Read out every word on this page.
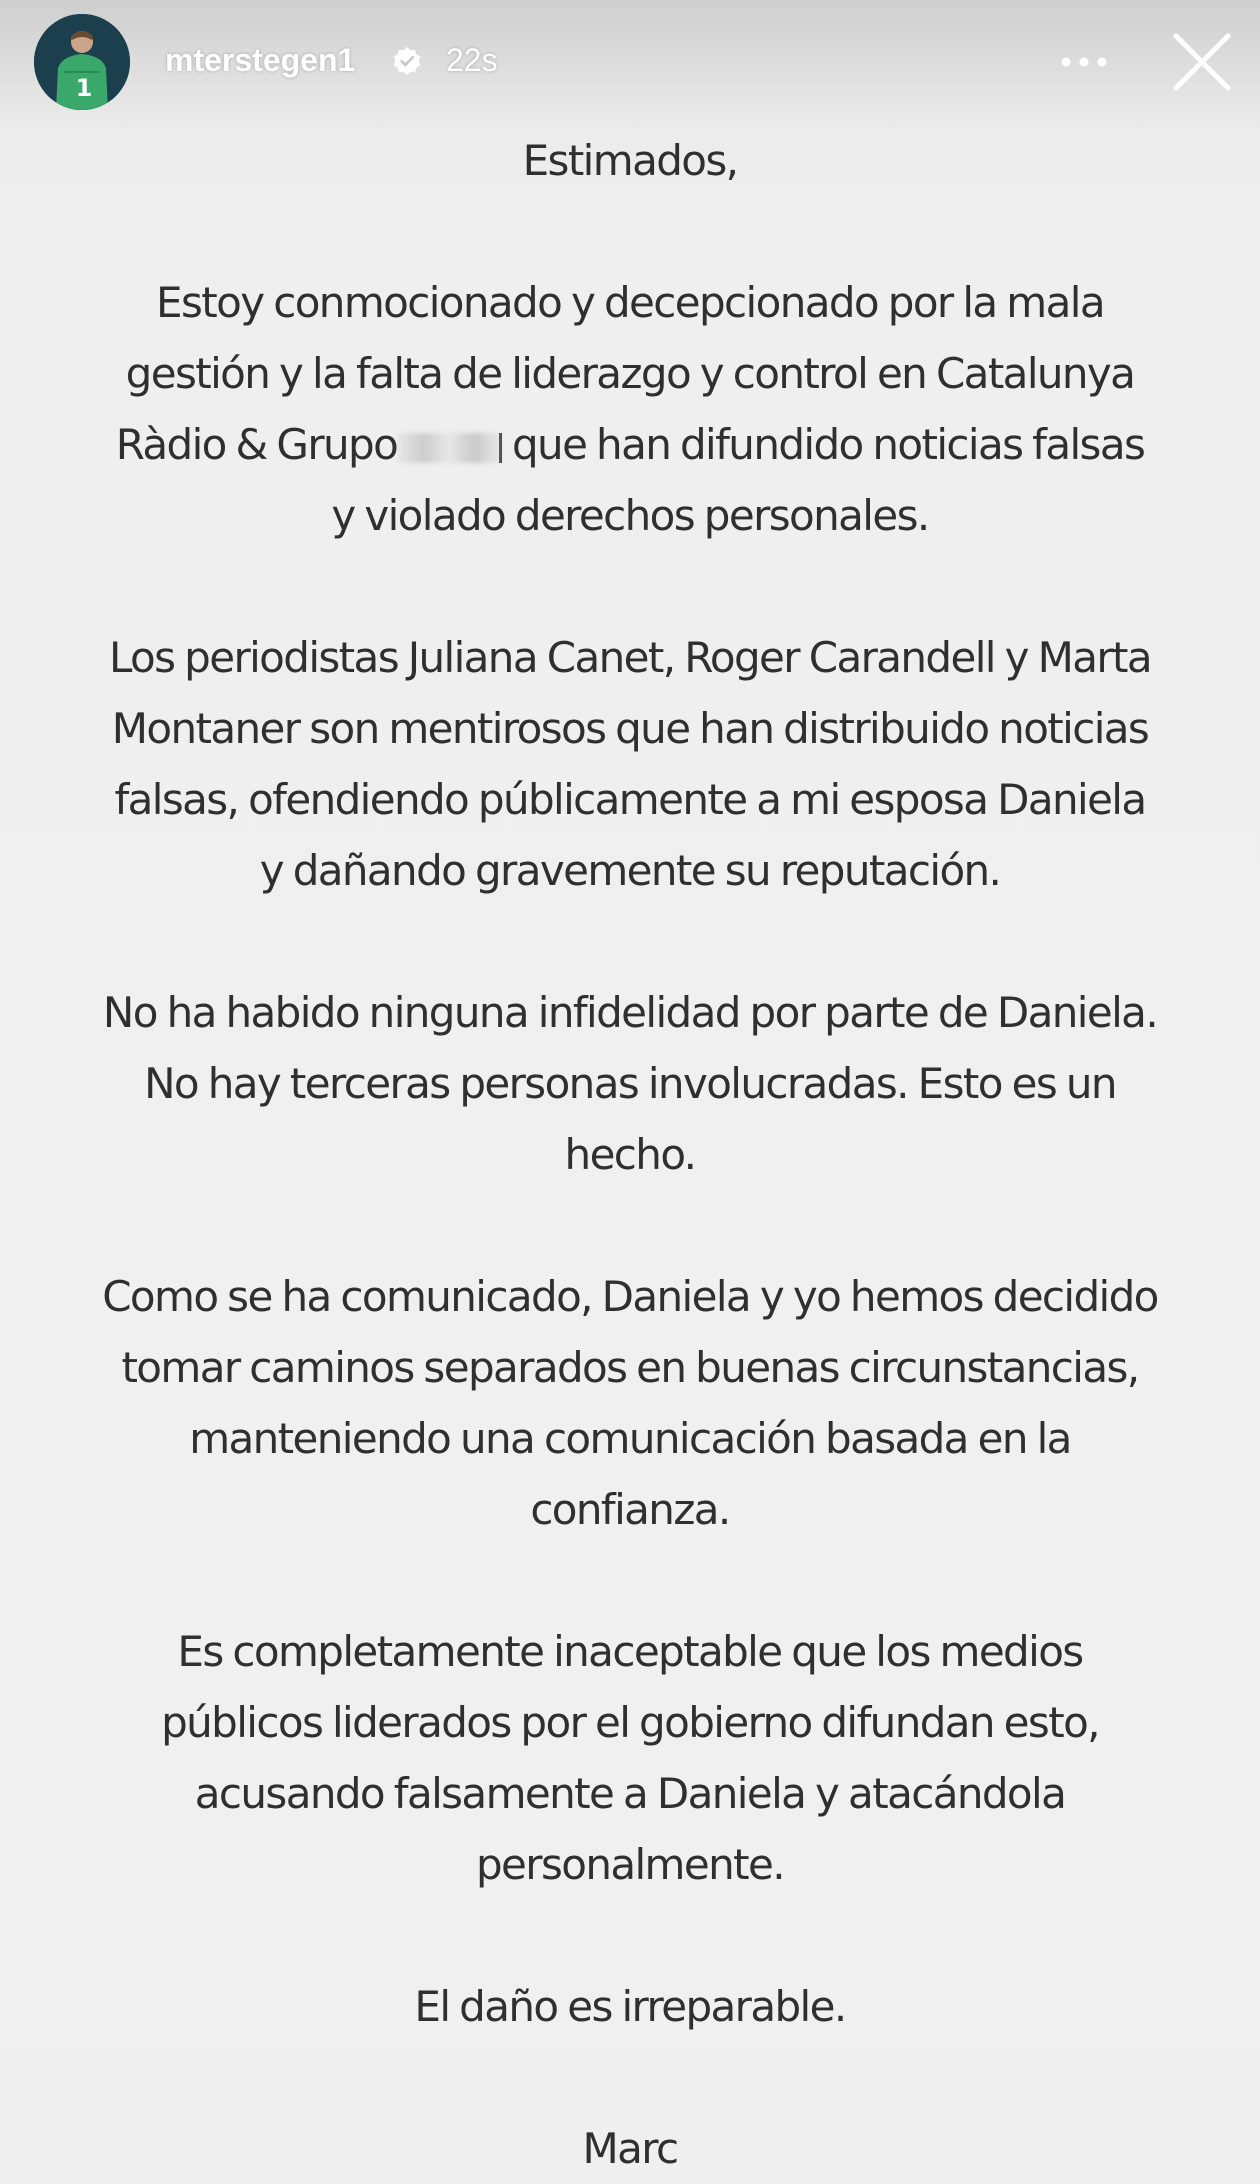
1
mterstegen1	22s

Estimados,

Estoy conmocionado y decepcionado por la mala gestión y la falta de liderazgo y control en Catalunya Ràdio & Grupo	que han difundido noticias falsas y violado derechos personales.

Los periodistas Juliana Canet, Roger Carandell y Marta Montaner son mentirosos que han distribuido noticias falsas, ofendiendo públicamente a mi esposa Daniela y dañando gravemente su reputación.

No ha habido ninguna infidelidad por parte de Daniela. No hay terceras personas involucradas. Esto es un hecho.

Como se ha comunicado, Daniela y yo hemos decidido tomar caminos separados en buenas circunstancias, manteniendo una comunicación basada en la confianza.

Es completamente inaceptable que los medios públicos liderados por el gobierno difundan esto, acusando falsamente a Daniela y atacándola personalmente.

El daño es irreparable.

Marc
